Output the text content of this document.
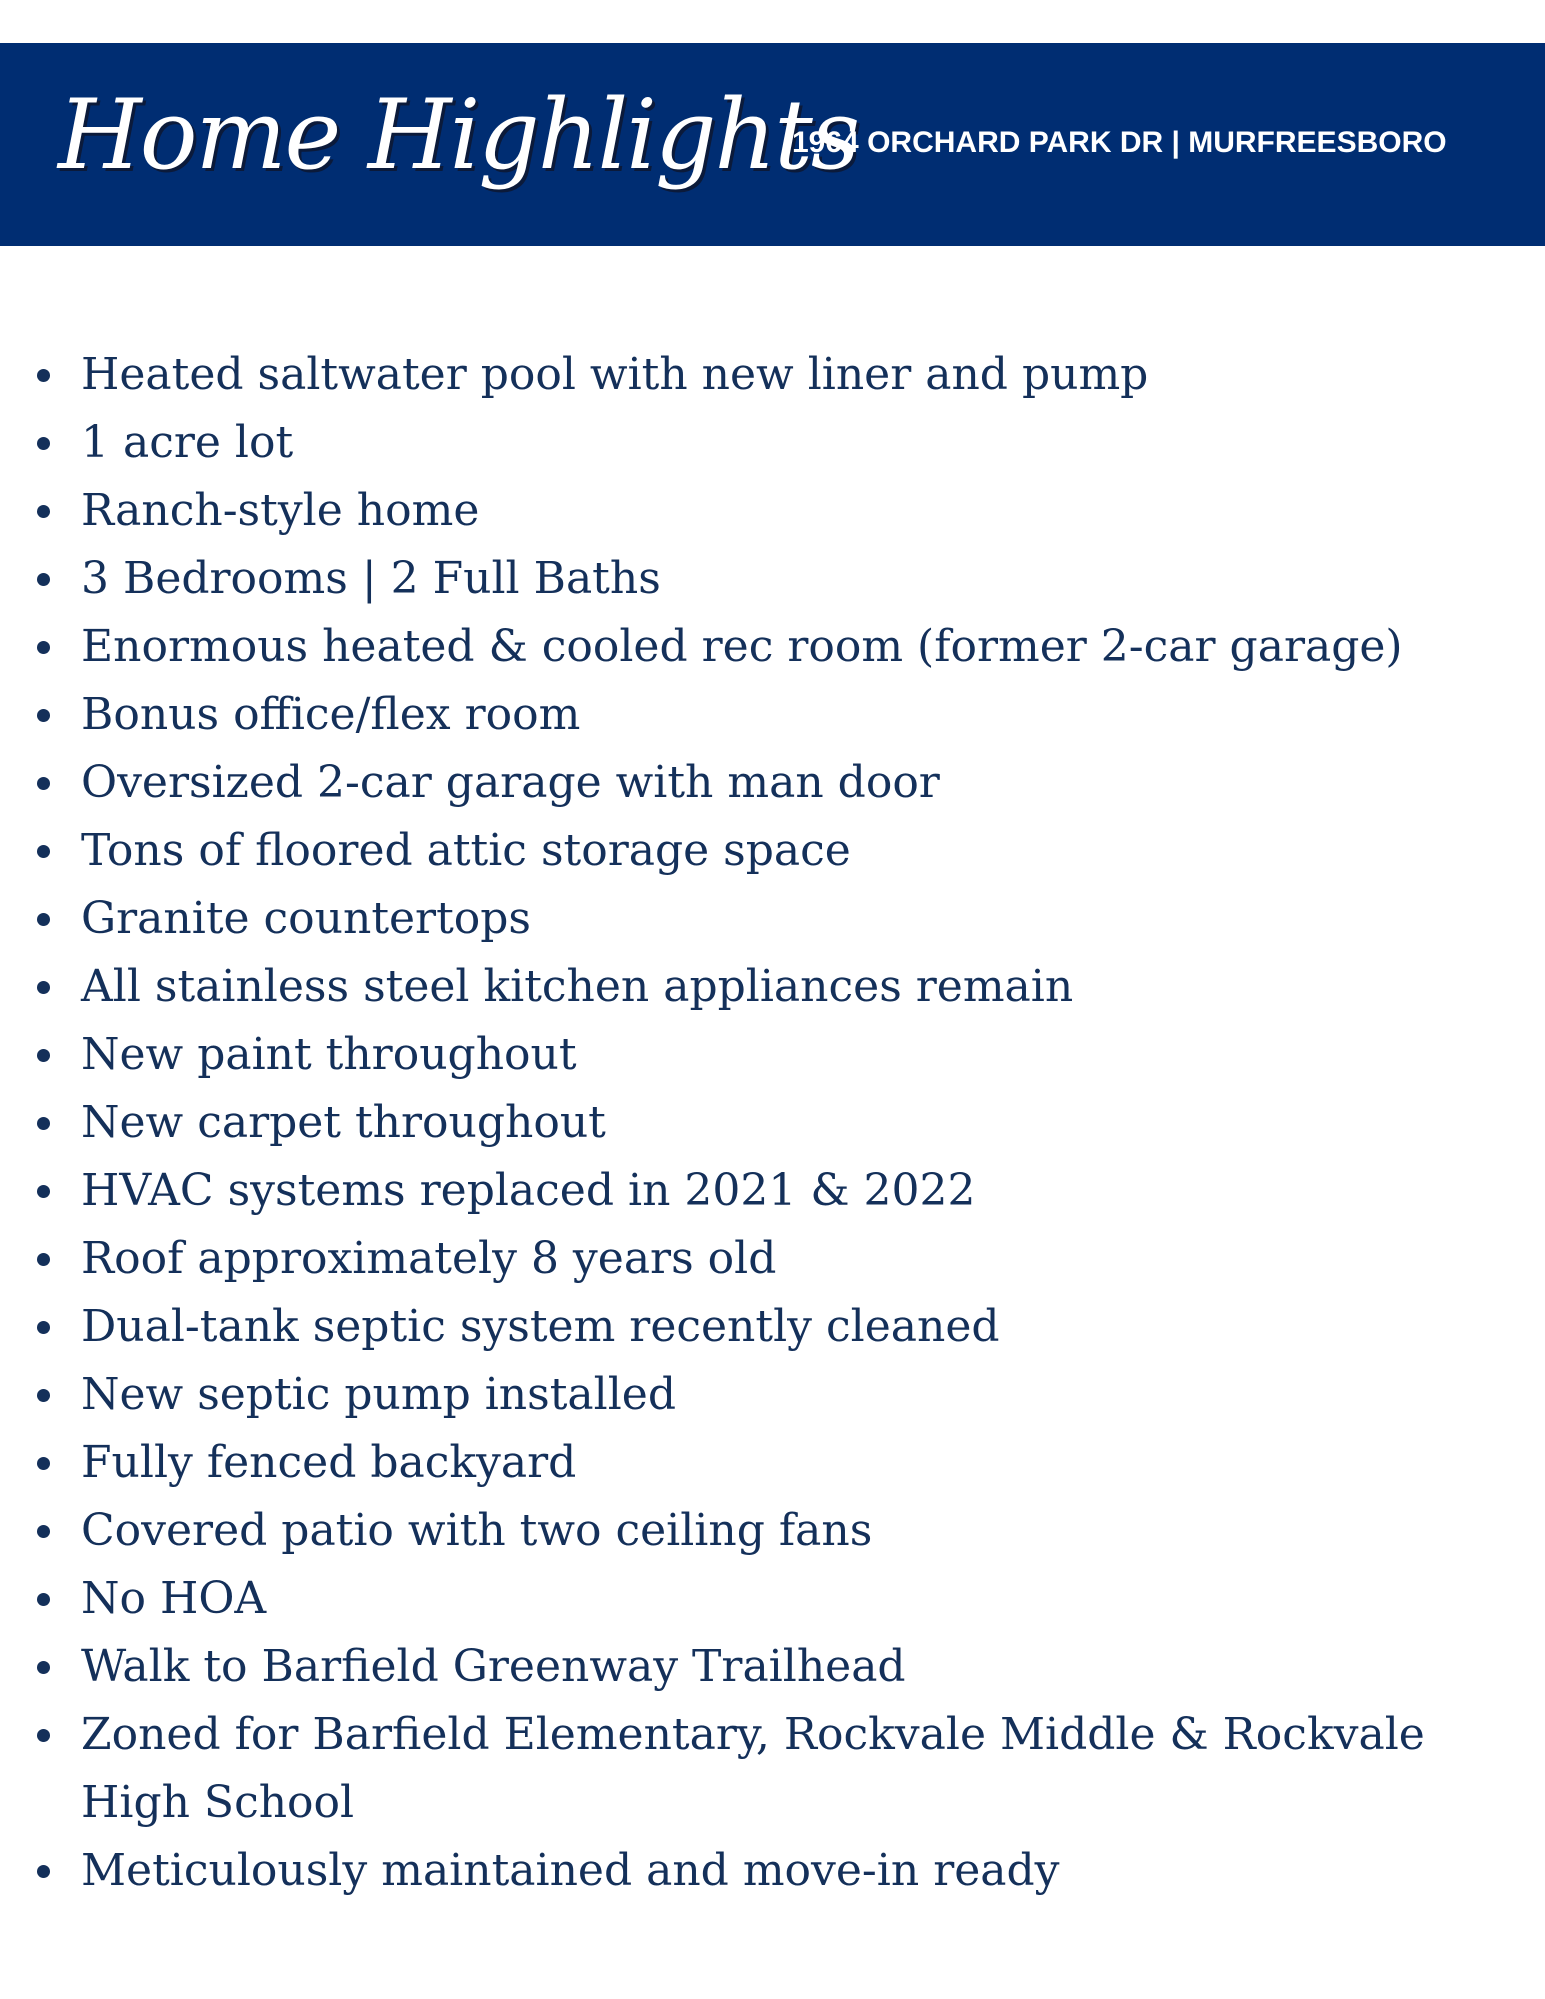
Home Highlights
1964 ORCHARD PARK DR | MURFREESBORO
Heated saltwater pool with new liner and pump
1 acre lot
Ranch-style home
3 Bedrooms | 2 Full Baths
Enormous heated & cooled rec room (former 2-car garage)
Bonus office/flex room
Oversized 2-car garage with man door
Tons of floored attic storage space
Granite countertops
All stainless steel kitchen appliances remain
New paint throughout
New carpet throughout
HVAC systems replaced in 2021 & 2022
Roof approximately 8 years old
Dual-tank septic system recently cleaned
New septic pump installed
Fully fenced backyard
Covered patio with two ceiling fans
No HOA
Walk to Barfield Greenway Trailhead
Zoned for Barfield Elementary, Rockvale Middle & Rockvale High School
Meticulously maintained and move-in ready
